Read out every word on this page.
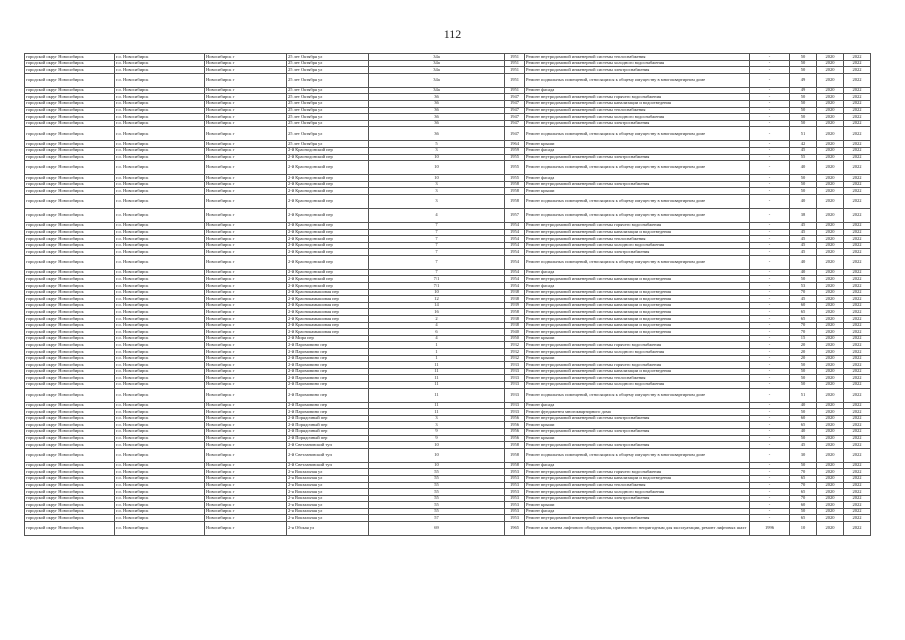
112
городской округ Новосибирск	г.о. Новосибирск	Новосибирск г	25 лет Октября ул	34а	1951	Ремонт внутридомовой инженерной системы теплоснабжения	-	50	2020	2022
городской округ Новосибирск	г.о. Новосибирск	Новосибирск г	25 лет Октября ул	34а	1951	Ремонт внутридомовой инженерной системы холодного водоснабжения	-	50	2020	2022
городской округ Новосибирск	г.о. Новосибирск	Новосибирск г	25 лет Октября ул	34а	1951	Ремонт внутридомовой инженерной системы электроснабжения	-	50	2020	2022
городской округ Новосибирск	г.о. Новосибирск	Новосибирск г	25 лет Октября ул	34а	1951	Ремонт подвальных помещений, относящихся к общему имуществу в многоквартирном доме	-	49	2020	2022
городской округ Новосибирск	г.о. Новосибирск	Новосибирск г	25 лет Октября ул	34а	1951	Ремонт фасада	-	49	2020	2022
городской округ Новосибирск	г.о. Новосибирск	Новосибирск г	25 лет Октября ул	36	1947	Ремонт внутридомовой инженерной системы горячего водоснабжения	-	50	2020	2022
городской округ Новосибирск	г.о. Новосибирск	Новосибирск г	25 лет Октября ул	36	1947	Ремонт внутридомовой инженерной системы канализации и водоотведения	-	50	2020	2022
городской округ Новосибирск	г.о. Новосибирск	Новосибирск г	25 лет Октября ул	36	1947	Ремонт внутридомовой инженерной системы теплоснабжения	-	50	2020	2022
городской округ Новосибирск	г.о. Новосибирск	Новосибирск г	25 лет Октября ул	36	1947	Ремонт внутридомовой инженерной системы холодного водоснабжения	-	50	2020	2022
городской округ Новосибирск	г.о. Новосибирск	Новосибирск г	25 лет Октября ул	36	1947	Ремонт внутридомовой инженерной системы электроснабжения	-	50	2020	2022
городской округ Новосибирск	г.о. Новосибирск	Новосибирск г	25 лет Октября ул	36	1947	Ремонт подвальных помещений, относящихся к общему имуществу в многоквартирном доме	-	51	2020	2022
городской округ Новосибирск	г.о. Новосибирск	Новосибирск г	25 лет Октября ул	5	1964	Ремонт крыши	-	42	2020	2022
городской округ Новосибирск	г.о. Новосибирск	Новосибирск г	2-й Краснодонский пер	3	1959	Ремонт фасада	-	45	2020	2022
городской округ Новосибирск	г.о. Новосибирск	Новосибирск г	2-й Краснодонский пер	10	1955	Ремонт внутридомовой инженерной системы электроснабжения	-	55	2020	2022
городской округ Новосибирск	г.о. Новосибирск	Новосибирск г	2-й Краснодонский пер	10	1955	Ремонт подвальных помещений, относящихся к общему имуществу в многоквартирном доме	-	40	2020	2022
городской округ Новосибирск	г.о. Новосибирск	Новосибирск г	2-й Краснодонский пер	10	1955	Ремонт фасада	-	50	2020	2022
городской округ Новосибирск	г.о. Новосибирск	Новосибирск г	2-й Краснодонский пер	3	1958	Ремонт внутридомовой инженерной системы электроснабжения	-	50	2020	2022
городской округ Новосибирск	г.о. Новосибирск	Новосибирск г	2-й Краснодонский пер	3	1958	Ремонт крыши	-	50	2020	2022
городской округ Новосибирск	г.о. Новосибирск	Новосибирск г	2-й Краснодонский пер	3	1958	Ремонт подвальных помещений, относящихся к общему имуществу в многоквартирном доме	-	40	2020	2022
городской округ Новосибирск	г.о. Новосибирск	Новосибирск г	2-й Краснодонский пер	4	1957	Ремонт подвальных помещений, относящихся к общему имуществу в многоквартирном доме	-	38	2020	2022
городской округ Новосибирск	г.о. Новосибирск	Новосибирск г	2-й Краснодонский пер	7	1954	Ремонт внутридомовой инженерной системы горячего водоснабжения	-	45	2020	2022
городской округ Новосибирск	г.о. Новосибирск	Новосибирск г	2-й Краснодонский пер	7	1954	Ремонт внутридомовой инженерной системы канализации и водоотведения	-	45	2020	2022
городской округ Новосибирск	г.о. Новосибирск	Новосибирск г	2-й Краснодонский пер	7	1954	Ремонт внутридомовой инженерной системы теплоснабжения	-	45	2020	2022
городской округ Новосибирск	г.о. Новосибирск	Новосибирск г	2-й Краснодонский пер	7	1954	Ремонт внутридомовой инженерной системы холодного водоснабжения	-	45	2020	2022
городской округ Новосибирск	г.о. Новосибирск	Новосибирск г	2-й Краснодонский пер	7	1954	Ремонт внутридомовой инженерной системы электроснабжения	-	45	2020	2022
городской округ Новосибирск	г.о. Новосибирск	Новосибирск г	2-й Краснодонский пер	7	1954	Ремонт подвальных помещений, относящихся к общему имуществу в многоквартирном доме	-	40	2020	2022
городской округ Новосибирск	г.о. Новосибирск	Новосибирск г	2-й Краснодонский пер	7	1954	Ремонт фасада	-	40	2020	2022
городской округ Новосибирск	г.о. Новосибирск	Новосибирск г	2-й Краснодонский пер	7/1	1954	Ремонт внутридомовой инженерной системы канализации и водоотведения	-	50	2020	2022
городской округ Новосибирск	г.о. Новосибирск	Новосибирск г	2-й Краснодонский пер	7/1	1954	Ремонт фасада	-	53	2020	2022
городской округ Новосибирск	г.о. Новосибирск	Новосибирск г	2-й Краснокамышовая пер	10	1938	Ремонт внутридомовой инженерной системы канализации и водоотведения	-	70	2020	2022
городской округ Новосибирск	г.о. Новосибирск	Новосибирск г	2-й Краснокамышовая пер	12	1938	Ремонт внутридомовой инженерной системы канализации и водоотведения	-	45	2020	2022
городской округ Новосибирск	г.о. Новосибирск	Новосибирск г	2-й Краснокамышовая пер	14	1939	Ремонт внутридомовой инженерной системы канализации и водоотведения	-	60	2020	2022
городской округ Новосибирск	г.о. Новосибирск	Новосибирск г	2-й Краснокамышовая пер	16	1958	Ремонт внутридомовой инженерной системы канализации и водоотведения	-	65	2020	2022
городской округ Новосибирск	г.о. Новосибирск	Новосибирск г	2-й Краснокамышовая пер	2	1938	Ремонт внутридомовой инженерной системы канализации и водоотведения	-	65	2020	2022
городской округ Новосибирск	г.о. Новосибирск	Новосибирск г	2-й Краснокамышовая пер	4	1938	Ремонт внутридомовой инженерной системы канализации и водоотведения	-	70	2020	2022
городской округ Новосибирск	г.о. Новосибирск	Новосибирск г	2-й Краснокамышовая пер	6	1940	Ремонт внутридомовой инженерной системы канализации и водоотведения	-	70	2020	2022
городской округ Новосибирск	г.о. Новосибирск	Новосибирск г	2-й Мира пер	4	1950	Ремонт крыши	-	15	2020	2022
городской округ Новосибирск	г.о. Новосибирск	Новосибирск г	2-й Паромовино пер	1	1932	Ремонт внутридомовой инженерной системы горячего водоснабжения	-	20	2020	2022
городской округ Новосибирск	г.о. Новосибирск	Новосибирск г	2-й Паромовино пер	1	1932	Ремонт внутридомовой инженерной системы холодного водоснабжения	-	20	2020	2022
городской округ Новосибирск	г.о. Новосибирск	Новосибирск г	2-й Паромовино пер	1	1932	Ремонт крыши	-	20	2020	2022
городской округ Новосибирск	г.о. Новосибирск	Новосибирск г	2-й Паромовино пер	11	1933	Ремонт внутридомовой инженерной системы горячего водоснабжения	-	50	2020	2022
городской округ Новосибирск	г.о. Новосибирск	Новосибирск г	2-й Паромовино пер	11	1933	Ремонт внутридомовой инженерной системы канализации и водоотведения	-	50	2020	2022
городской округ Новосибирск	г.о. Новосибирск	Новосибирск г	2-й Паромовино пер	11	1933	Ремонт внутридомовой инженерной системы теплоснабжения	-	50	2020	2022
городской округ Новосибирск	г.о. Новосибирск	Новосибирск г	2-й Паромовино пер	11	1933	Ремонт внутридомовой инженерной системы холодного водоснабжения	-	50	2020	2022
городской округ Новосибирск	г.о. Новосибирск	Новосибирск г	2-й Паромовино пер	11	1933	Ремонт подвальных помещений, относящихся к общему имуществу в многоквартирном доме	-	51	2020	2022
городской округ Новосибирск	г.о. Новосибирск	Новосибирск г	2-й Паромовино пер	11	1933	Ремонт фасада	-	40	2020	2022
городской округ Новосибирск	г.о. Новосибирск	Новосибирск г	2-й Паромовино пер	11	1933	Ремонт фундамента многоквартирного дома	-	50	2020	2022
городской округ Новосибирск	г.о. Новосибирск	Новосибирск г	2-й Порядочный пер	3	1956	Ремонт внутридомовой инженерной системы электроснабжения	-	60	2020	2022
городской округ Новосибирск	г.о. Новосибирск	Новосибирск г	2-й Порядочный пер	3	1956	Ремонт крыши	-	65	2020	2022
городской округ Новосибирск	г.о. Новосибирск	Новосибирск г	2-й Порядочный пер	9	1956	Ремонт внутридомовой инженерной системы электроснабжения	-	40	2020	2022
городской округ Новосибирск	г.о. Новосибирск	Новосибирск г	2-й Порядочный пер	9	1956	Ремонт крыши	-	50	2020	2022
городской округ Новосибирск	г.о. Новосибирск	Новосибирск г	2-й Светлановский туп	10	1958	Ремонт внутридомовой инженерной системы электроснабжения	-	45	2020	2022
городской округ Новосибирск	г.о. Новосибирск	Новосибирск г	2-й Светлановский туп	10	1958	Ремонт подвальных помещений, относящихся к общему имуществу в многоквартирном доме	-	30	2020	2022
городской округ Новосибирск	г.о. Новосибирск	Новосибирск г	2-й Светлановский туп	10	1958	Ремонт фасада	-	50	2020	2022
городской округ Новосибирск	г.о. Новосибирск	Новосибирск г	2-я Вокзальная ул	55	1953	Ремонт внутридомовой инженерной системы горячего водоснабжения	-	70	2020	2022
городской округ Новосибирск	г.о. Новосибирск	Новосибирск г	2-я Вокзальная ул	55	1953	Ремонт внутридомовой инженерной системы канализации и водоотведения	-	65	2020	2022
городской округ Новосибирск	г.о. Новосибирск	Новосибирск г	2-я Вокзальная ул	55	1953	Ремонт внутридомовой инженерной системы теплоснабжения	-	70	2020	2022
городской округ Новосибирск	г.о. Новосибирск	Новосибирск г	2-я Вокзальная ул	55	1953	Ремонт внутридомовой инженерной системы холодного водоснабжения	-	65	2020	2022
городской округ Новосибирск	г.о. Новосибирск	Новосибирск г	2-я Вокзальная ул	55	1953	Ремонт внутридомовой инженерной системы электроснабжения	-	70	2020	2022
городской округ Новосибирск	г.о. Новосибирск	Новосибирск г	2-я Вокзальная ул	55	1953	Ремонт крыши	-	60	2020	2022
городской округ Новосибирск	г.о. Новосибирск	Новосибирск г	2-я Вокзальная ул	55	1953	Ремонт фасада	-	50	2020	2022
городской округ Новосибирск	г.о. Новосибирск	Новосибирск г	2-я Вокзальная ул	57	1953	Ремонт внутридомовой инженерной системы электроснабжения	-	65	2020	2022
городской округ Новосибирск	г.о. Новосибирск	Новосибирск г	2-я Обская ул	69	1965	Ремонт или замена лифтового оборудования, признанного непригодным для эксплуатации, ремонт лифтовых шахт	1996	10	2020	2022
